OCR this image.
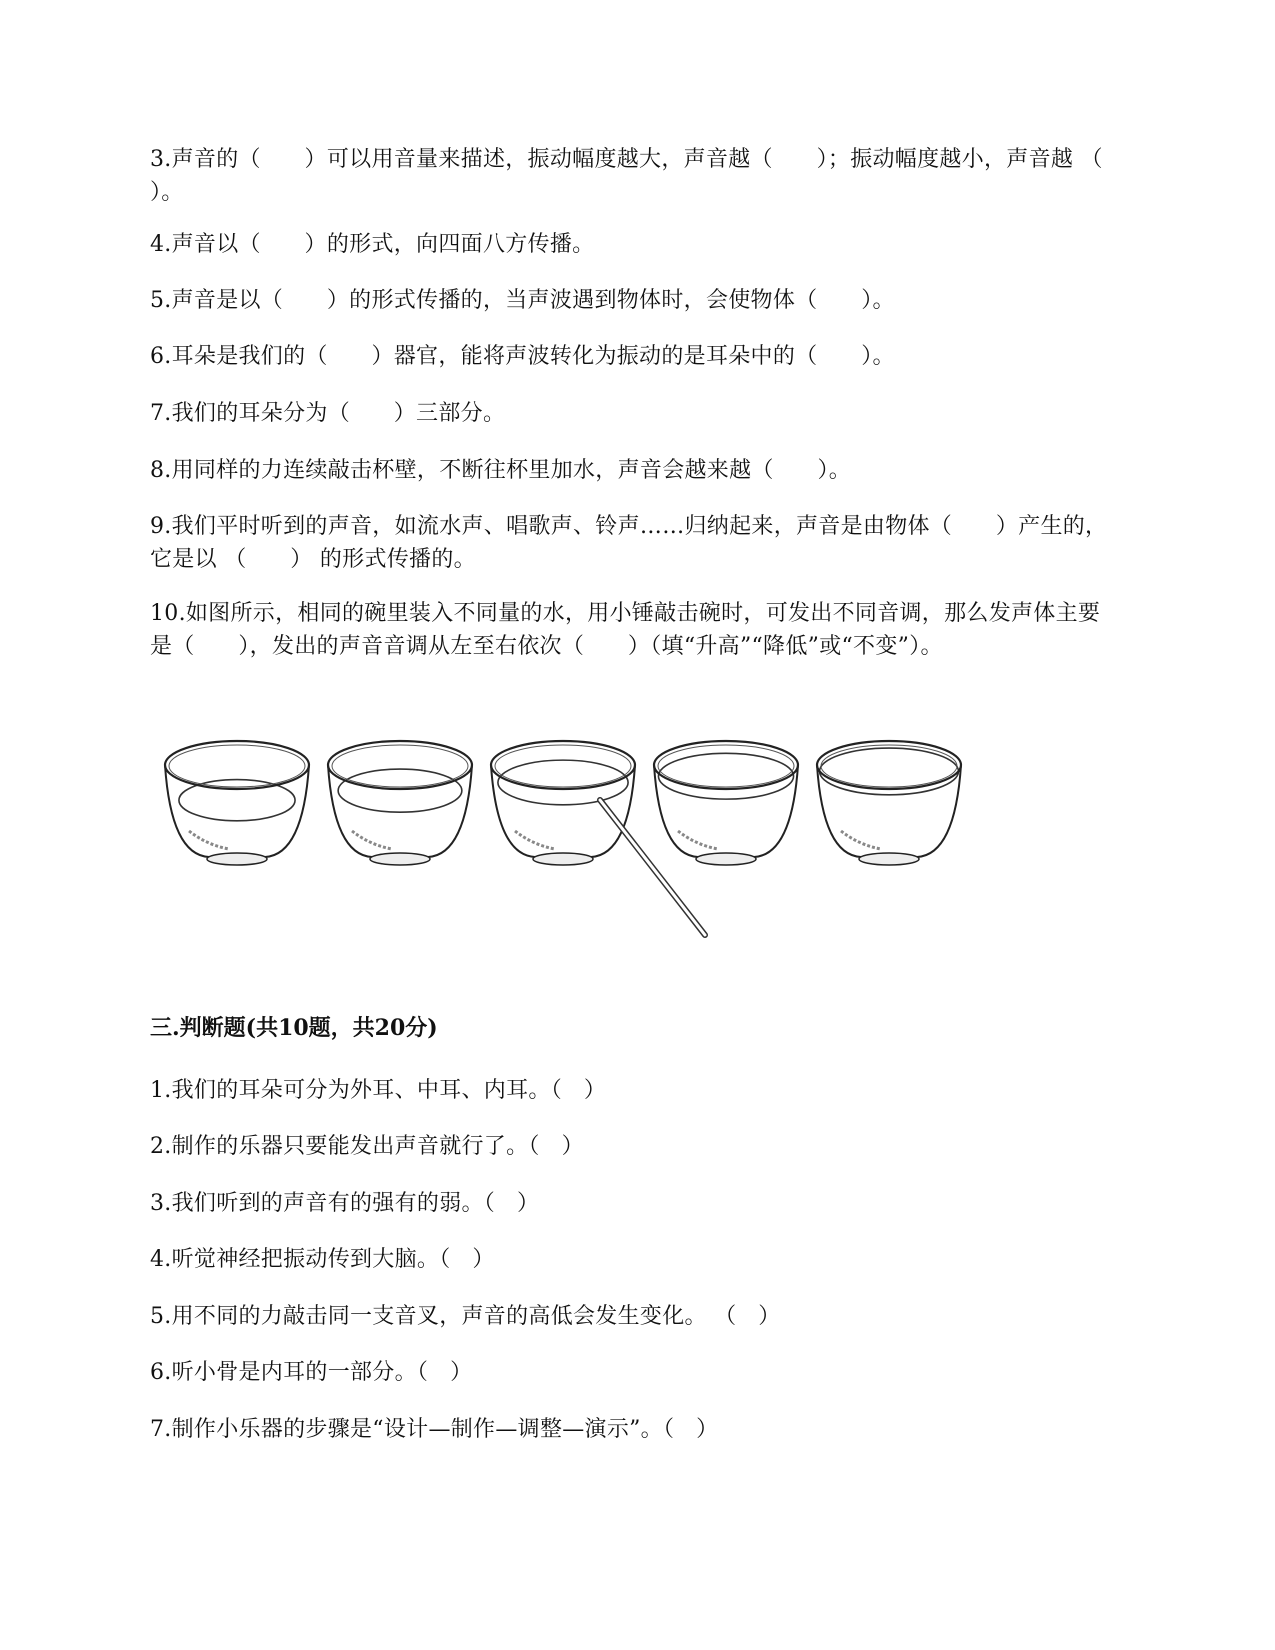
3.声音的（      ）可以用音量来描述，振动幅度越大，声音越（      ）；振动幅度越小，声音越 （      ）。

4.声音以（      ）的形式，向四面八方传播。

5.声音是以（      ）的形式传播的，当声波遇到物体时，会使物体（      ）。

6.耳朵是我们的（      ）器官，能将声波转化为振动的是耳朵中的（      ）。

7.我们的耳朵分为（      ）三部分。

8.用同样的力连续敲击杯壁，不断往杯里加水，声音会越来越（      ）。

9.我们平时听到的声音，如流水声、唱歌声、铃声……归纳起来，声音是由物体（      ）产生的，它是以 （      ） 的形式传播的。

10.如图所示，相同的碗里装入不同量的水，用小锤敲击碗时，可发出不同音调，那么发声体主要是（      ），发出的声音音调从左至右依次（      ）（填“升高”“降低”或“不变”）。

三.判断题(共10题，共20分)

1.我们的耳朵可分为外耳、中耳、内耳。（   ）

2.制作的乐器只要能发出声音就行了。（   ）

3.我们听到的声音有的强有的弱。（   ）

4.听觉神经把振动传到大脑。（   ）

5.用不同的力敲击同一支音叉，声音的高低会发生变化。 （   ）

6.听小骨是内耳的一部分。（   ）

7.制作小乐器的步骤是“设计—制作—调整—演示”。（   ）
